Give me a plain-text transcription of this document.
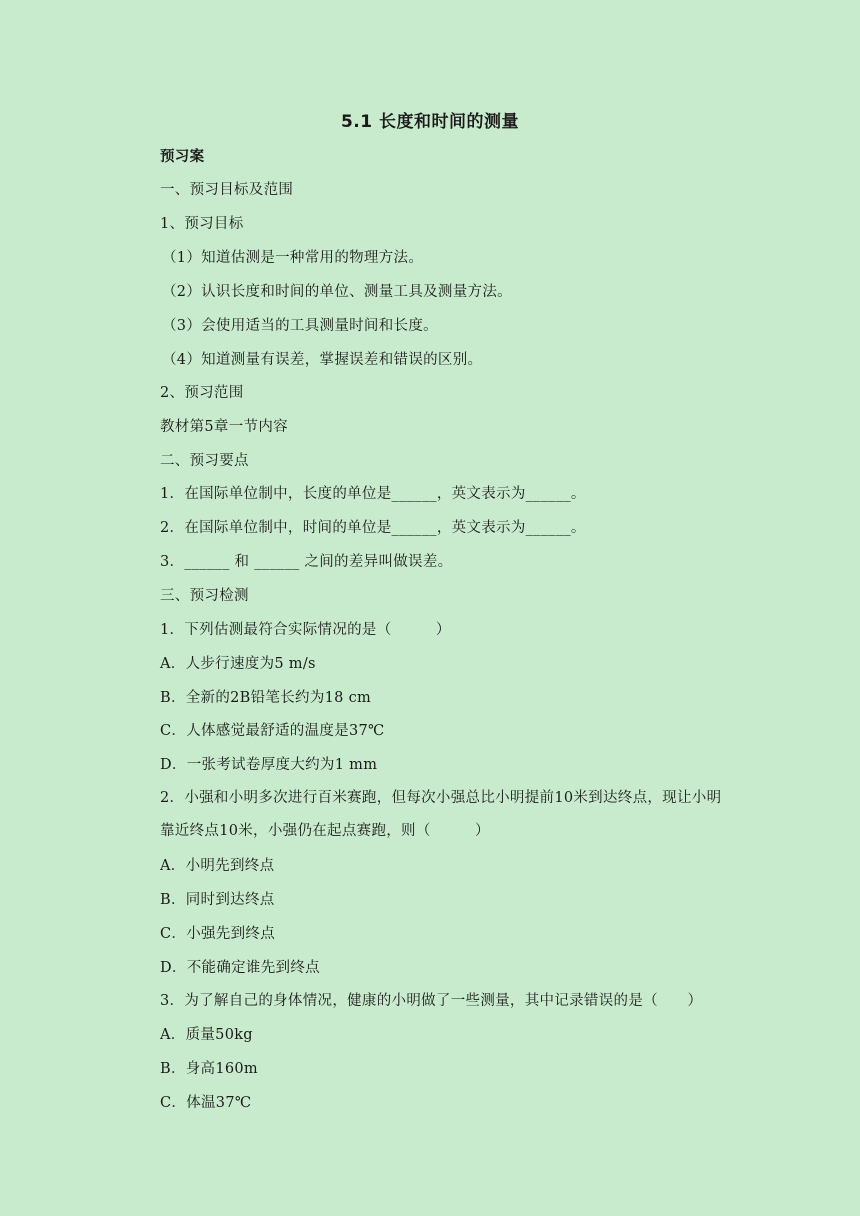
5.1 长度和时间的测量
预习案
一、预习目标及范围
1、预习目标
（1）知道估测是一种常用的物理方法。
（2）认识长度和时间的单位、测量工具及测量方法。
（3）会使用适当的工具测量时间和长度。
（4）知道测量有误差，掌握误差和错误的区别。
2、预习范围
教材第5章一节内容
二、预习要点
1．在国际单位制中，长度的单位是______，英文表示为______。
2．在国际单位制中，时间的单位是______，英文表示为______。
3．______ 和 ______ 之间的差异叫做误差。
三、预习检测
1．下列估测最符合实际情况的是（　　　）
A．人步行速度为5 m/s
B．全新的2B铅笔长约为18 cm
C．人体感觉最舒适的温度是37℃
D．一张考试卷厚度大约为1 mm
2．小强和小明多次进行百米赛跑，但每次小强总比小明提前10米到达终点，现让小明
靠近终点10米，小强仍在起点赛跑，则（　　　）
A．小明先到终点
B．同时到达终点
C．小强先到终点
D．不能确定谁先到终点
3．为了解自己的身体情况，健康的小明做了一些测量，其中记录错误的是（　　）
A．质量50kg
B．身高160m
C．体温37℃
